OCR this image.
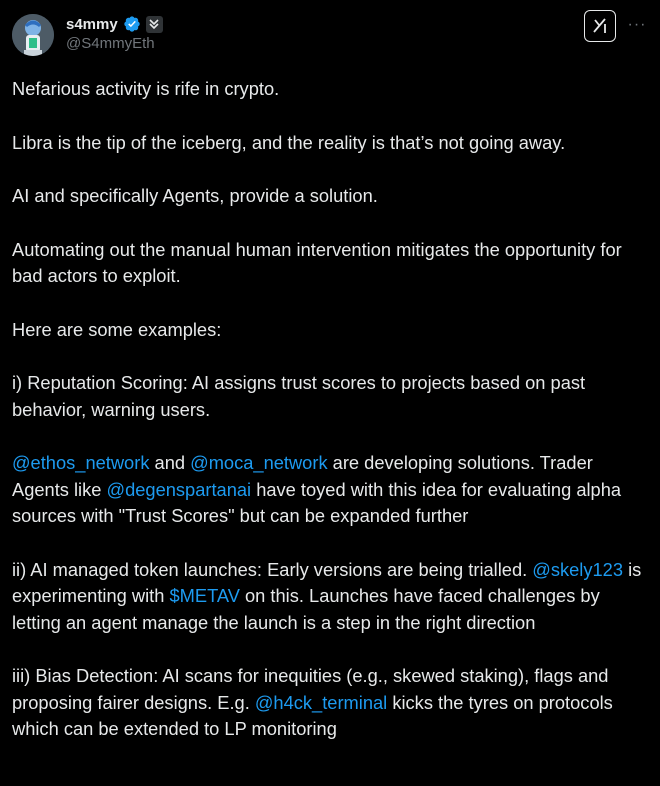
s4mmy
@S4mmyEth
···

Nefarious activity is rife in crypto.

Libra is the tip of the iceberg, and the reality is that’s not going away.

AI and specifically Agents, provide a solution.

Automating out the manual human intervention mitigates the opportunity for bad actors to exploit.

Here are some examples:

i) Reputation Scoring: AI assigns trust scores to projects based on past behavior, warning users.

@ethos_network and @moca_network are developing solutions. Trader Agents like @degenspartanai have toyed with this idea for evaluating alpha sources with "Trust Scores" but can be expanded further

ii) AI managed token launches: Early versions are being trialled. @skely123 is experimenting with $METAV on this. Launches have faced challenges by letting an agent manage the launch is a step in the right direction

iii) Bias Detection: AI scans for inequities (e.g., skewed staking), flags and proposing fairer designs. E.g. @h4ck_terminal kicks the tyres on protocols which can be extended to LP monitoring
